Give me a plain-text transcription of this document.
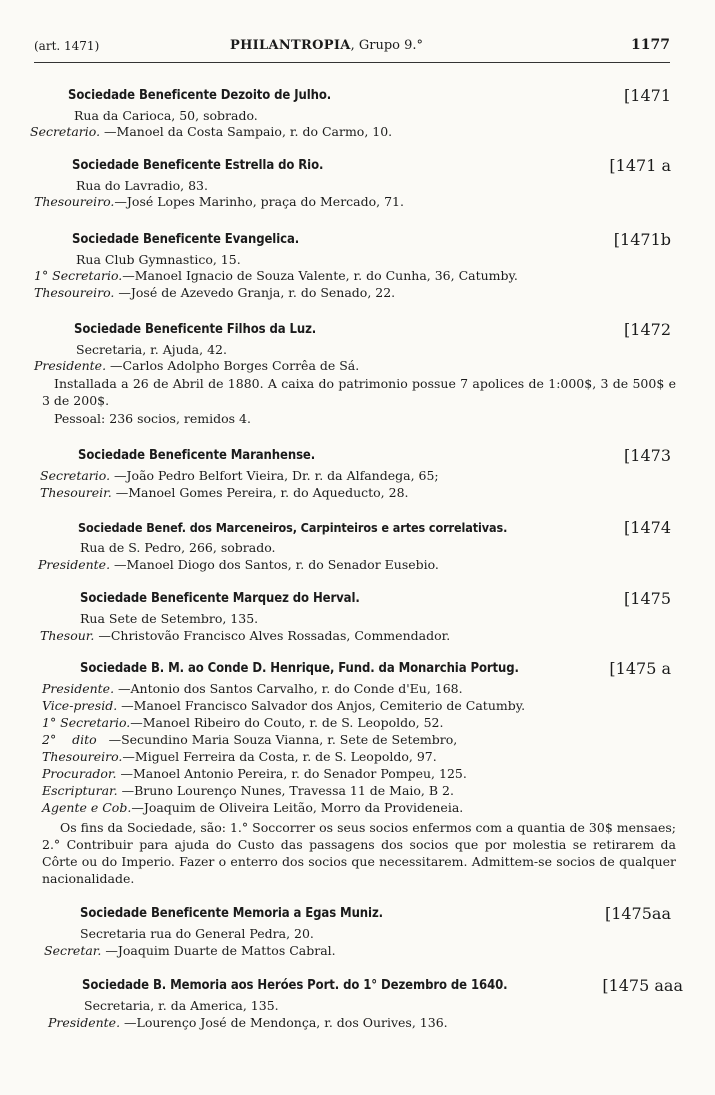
(art. 1471)	PHILANTROPIA, Grupo 9.°	1177
Sociedade Beneficente Dezoito de Julho.	[1471
Rua da Carioca, 50, sobrado.
Secretario. —Manoel da Costa Sampaio, r. do Carmo, 10.
Sociedade Beneficente Estrella do Rio.	[1471 a
Rua do Lavradio, 83.
Thesoureiro.—José Lopes Marinho, praça do Mercado, 71.
Sociedade Beneficente Evangelica.	[1471b
Rua Club Gymnastico, 15.
1° Secretario.—Manoel Ignacio de Souza Valente, r. do Cunha, 36, Catumby.
Thesoureiro. —José de Azevedo Granja, r. do Senado, 22.
Sociedade Beneficente Filhos da Luz.	[1472
Secretaria, r. Ajuda, 42.
Presidente. —Carlos Adolpho Borges Corrêa de Sá.
Installada a 26 de Abril de 1880. A caixa do patrimonio possue 7 apolices de 1:000$, 3 de 500$ e 3 de 200$.
Pessoal: 236 socios, remidos 4.
Sociedade Beneficente Maranhense.	[1473
Secretario. —João Pedro Belfort Vieira, Dr. r. da Alfandega, 65;
Thesoureir. —Manoel Gomes Pereira, r. do Aqueducto, 28.
Sociedade Benef. dos Marceneiros, Carpinteiros e artes correlativas.	[1474
Rua de S. Pedro, 266, sobrado.
Presidente. —Manoel Diogo dos Santos, r. do Senador Eusebio.
Sociedade Beneficente Marquez do Herval.	[1475
Rua Sete de Setembro, 135.
Thesour. —Christovão Francisco Alves Rossadas, Commendador.
Sociedade B. M. ao Conde D. Henrique, Fund. da Monarchia Portug.	[1475 a
Presidente. —Antonio dos Santos Carvalho, r. do Conde d'Eu, 168.
Vice-presid. —Manoel Francisco Salvador dos Anjos, Cemiterio de Catumby.
1° Secretario.—Manoel Ribeiro do Couto, r. de S. Leopoldo, 52.
2°    dito   —Secundino Maria Souza Vianna, r. Sete de Setembro,
Thesoureiro.—Miguel Ferreira da Costa, r. de S. Leopoldo, 97.
Procurador. —Manoel Antonio Pereira, r. do Senador Pompeu, 125.
Escripturar. —Bruno Lourenço Nunes, Travessa 11 de Maio, B 2.
Agente e Cob.—Joaquim de Oliveira Leitão, Morro da Provideneia.
Os fins da Sociedade, são: 1.° Soccorrer os seus socios enfermos com a quantia de 30$ mensaes; 2.° Contribuir para ajuda do Custo das passagens dos socios que por molestia se retirarem da Côrte ou do Imperio. Fazer o enterro dos socios que necessitarem. Admittem-se socios de qualquer nacionalidade.
Sociedade Beneficente Memoria a Egas Muniz.	[1475aa
Secretaria rua do General Pedra, 20.
Secretar. —Joaquim Duarte de Mattos Cabral.
Sociedade B. Memoria aos Heróes Port. do 1° Dezembro de 1640.	[1475 aaa
Secretaria, r. da America, 135.
Presidente. —Lourenço José de Mendonça, r. dos Ourives, 136.
